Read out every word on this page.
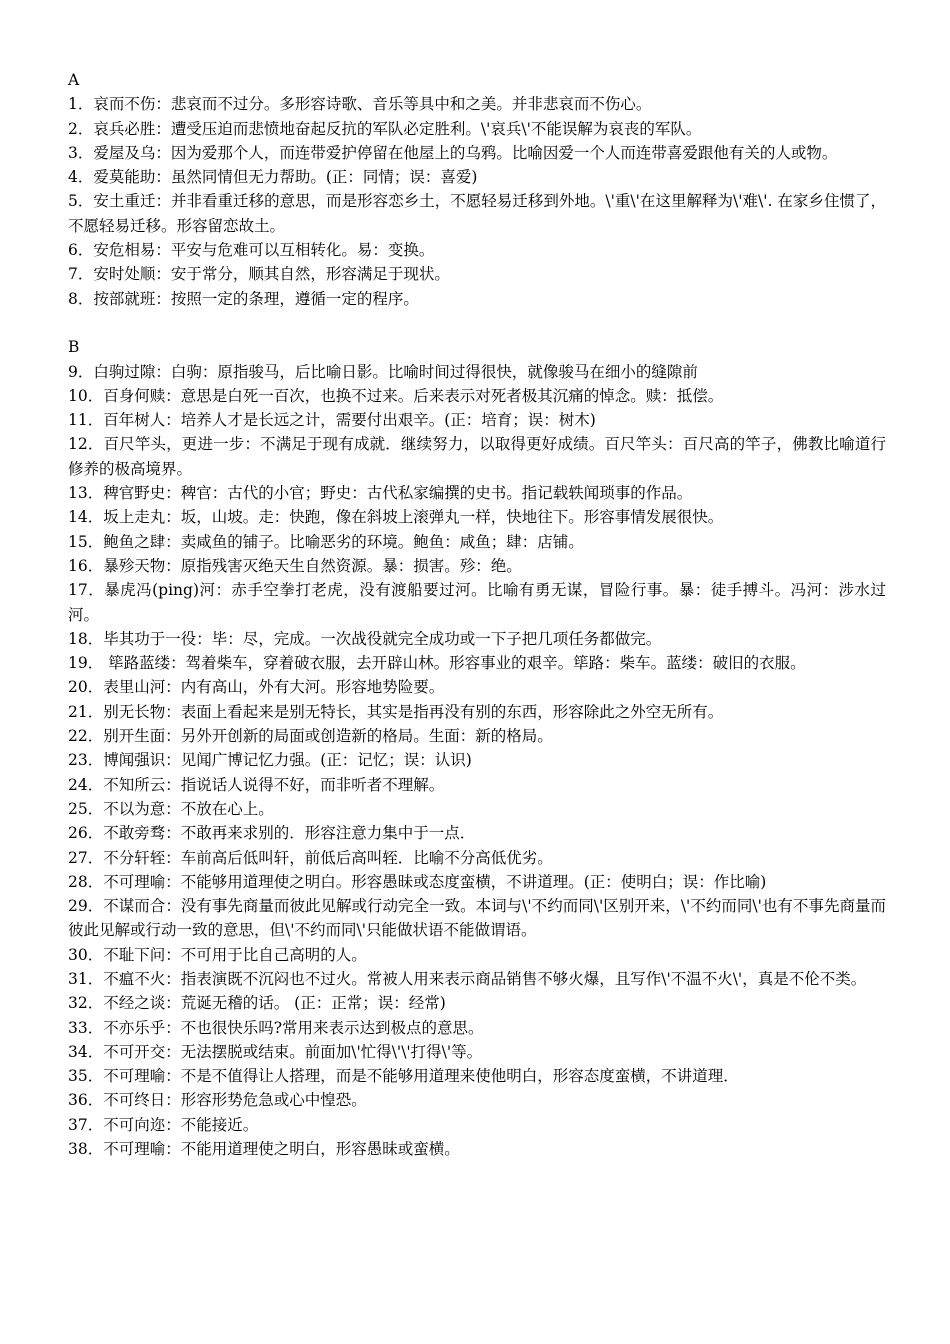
A
1．哀而不伤：悲哀而不过分。多形容诗歌、音乐等具中和之美。并非悲哀而不伤心。
2．哀兵必胜：遭受压迫而悲愤地奋起反抗的军队必定胜利。\'哀兵\'不能误解为哀丧的军队。
3．爱屋及乌：因为爱那个人，而连带爱护停留在他屋上的乌鸦。比喻因爱一个人而连带喜爱跟他有关的人或物。
4．爱莫能助：虽然同情但无力帮助。(正：同情；误：喜爱)
5．安土重迁：并非看重迁移的意思，而是形容恋乡土，不愿轻易迁移到外地。\'重\'在这里解释为\'难\'. 在家乡住惯了，不愿轻易迁移。形容留恋故土。
6．安危相易：平安与危难可以互相转化。易：变换。
7．安时处顺：安于常分，顺其自然，形容满足于现状。
8．按部就班：按照一定的条理，遵循一定的程序。
B
9．白驹过隙：白驹：原指骏马，后比喻日影。比喻时间过得很快，就像骏马在细小的缝隙前
10．百身何赎：意思是白死一百次，也换不过来。后来表示对死者极其沉痛的悼念。赎：抵偿。
11．百年树人：培养人才是长远之计，需要付出艰辛。(正：培育；误：树木)
12．百尺竿头，更进一步：不满足于现有成就．继续努力，以取得更好成绩。百尺竿头：百尺高的竿子，佛教比喻道行修养的极高境界。
13．稗官野史：稗官：古代的小官；野史：古代私家编撰的史书。指记载轶闻琐事的作品。
14．坂上走丸：坂，山坡。走：快跑，像在斜坡上滚弹丸一样，快地往下。形容事情发展很快。
15．鲍鱼之肆：卖咸鱼的铺子。比喻恶劣的环境。鲍鱼：咸鱼；肆：店铺。
16．暴殄天物：原指残害灭绝天生自然资源。暴：损害。殄：绝。
17．暴虎冯(ping)河：赤手空拳打老虎，没有渡船要过河。比喻有勇无谋，冒险行事。暴：徒手搏斗。冯河：涉水过河。
18．毕其功于一役：毕：尽，完成。一次战役就完全成功或一下子把几项任务都做完。
19． 筚路蓝缕：驾着柴车，穿着破衣服，去开辟山林。形容事业的艰辛。筚路：柴车。蓝缕：破旧的衣服。
20．表里山河：内有高山，外有大河。形容地势险要。
21．别无长物：表面上看起来是别无特长，其实是指再没有别的东西，形容除此之外空无所有。
22．别开生面：另外开创新的局面或创造新的格局。生面：新的格局。
23．博闻强识：见闻广博记忆力强。(正：记忆；误：认识)
24．不知所云：指说话人说得不好，而非听者不理解。
25．不以为意：不放在心上。
26．不敢旁骛：不敢再来求别的．形容注意力集中于一点．
27．不分轩轾：车前高后低叫轩，前低后高叫轾．比喻不分高低优劣。
28．不可理喻：不能够用道理使之明白。形容愚昧或态度蛮横，不讲道理。(正：使明白；误：作比喻)
29．不谋而合：没有事先商量而彼此见解或行动完全一致。本词与\'不约而同\'区别开来，\'不约而同\'也有不事先商量而彼此见解或行动一致的意思，但\'不约而同\'只能做状语不能做谓语。
30．不耻下问：不可用于比自己高明的人。
31．不瘟不火：指表演既不沉闷也不过火。常被人用来表示商品销售不够火爆，且写作\'不温不火\'，真是不伦不类。
32．不经之谈：荒诞无稽的话。 (正：正常；误：经常)
33．不亦乐乎：不也很快乐吗?常用来表示达到极点的意思。
34．不可开交：无法摆脱或结束。前面加\'忙得\'\'打得\'等。
35．不可理喻：不是不值得让人搭理，而是不能够用道理来使他明白，形容态度蛮横，不讲道理．
36．不可终日：形容形势危急或心中惶恐。
37．不可向迩：不能接近。
38．不可理喻：不能用道理使之明白，形容愚昧或蛮横。
